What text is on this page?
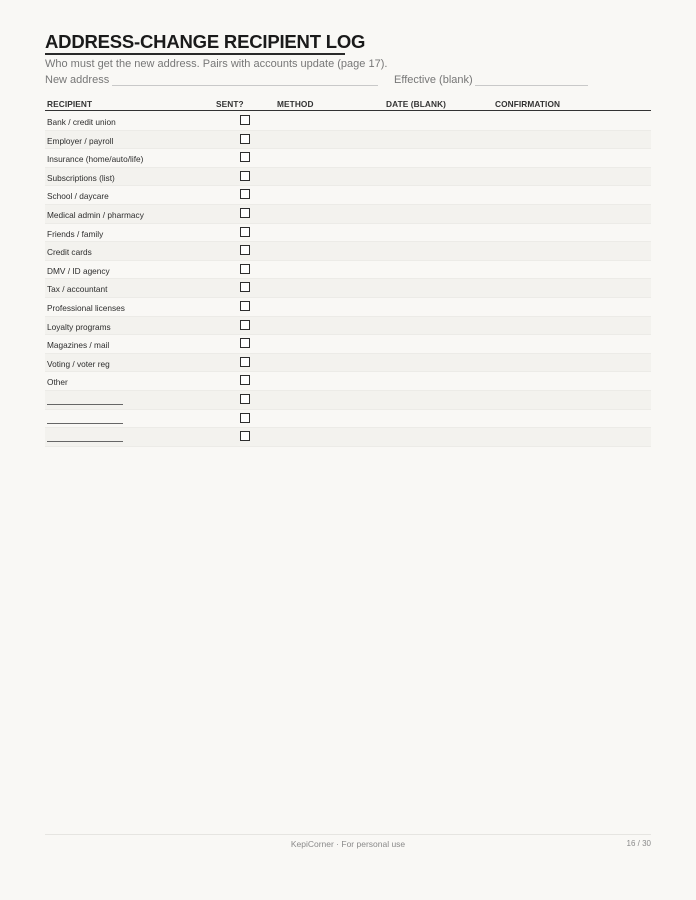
ADDRESS-CHANGE RECIPIENT LOG
Who must get the new address. Pairs with accounts update (page 17).
New address	Effective (blank)
RECIPIENT	SENT?	METHOD	DATE (BLANK)	CONFIRMATION
Bank / credit union
Employer / payroll
Insurance (home/auto/life)
Subscriptions (list)
School / daycare
Medical admin / pharmacy
Friends / family
Credit cards
DMV / ID agency
Tax / accountant
Professional licenses
Loyalty programs
Magazines / mail
Voting / voter reg
Other
KepiCorner · For personal use	16 / 30
